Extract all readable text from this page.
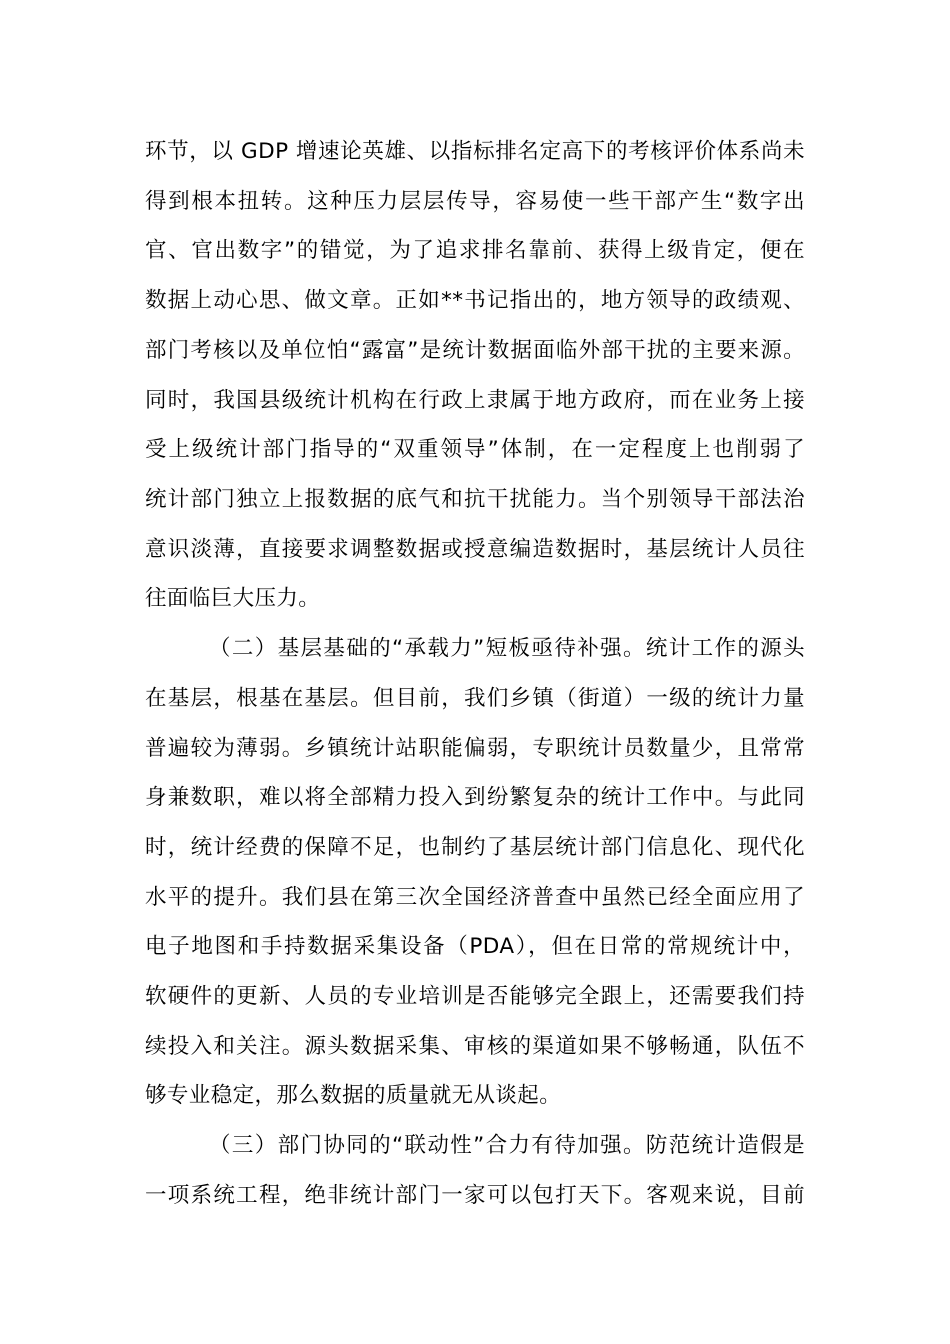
环节，以 GDP 增速论英雄、以指标排名定高下的考核评价体系尚未
得到根本扭转。这种压力层层传导，容易使一些干部产生“数字出
官、官出数字”的错觉，为了追求排名靠前、获得上级肯定，便在
数据上动心思、做文章。正如**书记指出的，地方领导的政绩观、
部门考核以及单位怕“露富”是统计数据面临外部干扰的主要来源。
同时，我国县级统计机构在行政上隶属于地方政府，而在业务上接
受上级统计部门指导的“双重领导”体制，在一定程度上也削弱了
统计部门独立上报数据的底气和抗干扰能力。当个别领导干部法治
意识淡薄，直接要求调整数据或授意编造数据时，基层统计人员往
往面临巨大压力。
（二）基层基础的“承载力”短板亟待补强。统计工作的源头
在基层，根基在基层。但目前，我们乡镇（街道）一级的统计力量
普遍较为薄弱。乡镇统计站职能偏弱，专职统计员数量少，且常常
身兼数职，难以将全部精力投入到纷繁复杂的统计工作中。与此同
时，统计经费的保障不足，也制约了基层统计部门信息化、现代化
水平的提升。我们县在第三次全国经济普查中虽然已经全面应用了
电子地图和手持数据采集设备（PDA），但在日常的常规统计中，
软硬件的更新、人员的专业培训是否能够完全跟上，还需要我们持
续投入和关注。源头数据采集、审核的渠道如果不够畅通，队伍不
够专业稳定，那么数据的质量就无从谈起。
（三）部门协同的“联动性”合力有待加强。防范统计造假是
一项系统工程，绝非统计部门一家可以包打天下。客观来说，目前
